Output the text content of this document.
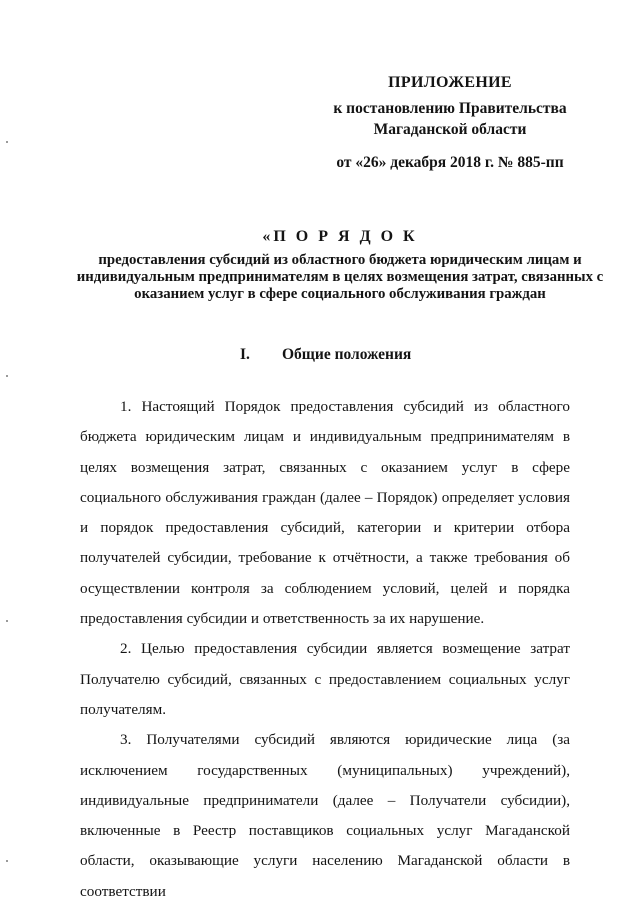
ПРИЛОЖЕНИЕ
к постановлению Правительства
Магаданской области
от «26» декабря 2018 г. № 885-пп
«П О Р Я Д О К
предоставления субсидий из областного бюджета юридическим лицам и индивидуальным предпринимателям в целях возмещения затрат, связанных с оказанием услуг в сфере социального обслуживания граждан
I. Общие положения

1. Настоящий Порядок предоставления субсидий из областного бюджета юридическим лицам и индивидуальным предпринимателям в целях возмещения затрат, связанных с оказанием услуг в сфере социального обслуживания граждан (далее – Порядок) определяет условия и порядок предоставления субсидий, категории и критерии отбора получателей субсидии, требование к отчётности, а также требования об осуществлении контроля за соблюдением условий, целей и порядка предоставления субсидии и ответственность за их нарушение.

2. Целью предоставления субсидии является возмещение затрат Получателю субсидий, связанных с предоставлением социальных услуг получателям.

3. Получателями субсидий являются юридические лица (за исключением государственных (муниципальных) учреждений), индивидуальные предприниматели (далее – Получатели субсидии), включенные в Реестр поставщиков социальных услуг Магаданской области, оказывающие услуги населению Магаданской области в соответствии
